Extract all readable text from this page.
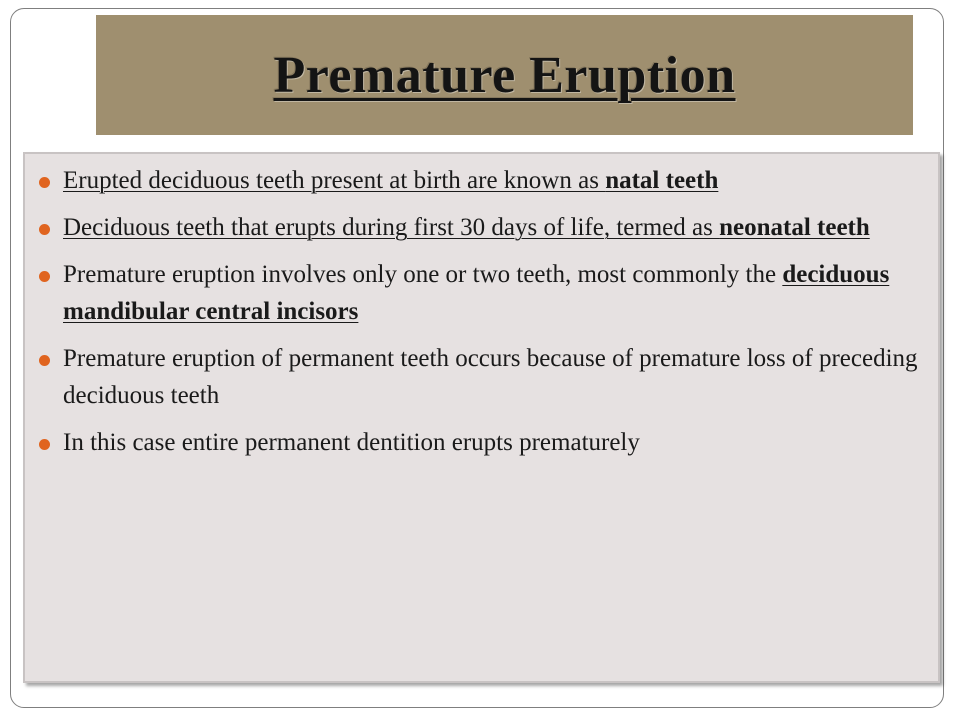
Premature Eruption
Erupted deciduous teeth present at birth are known as natal teeth
Deciduous teeth that erupts during first 30 days of life, termed as neonatal teeth
Premature eruption involves only one or two teeth, most commonly the deciduous mandibular central incisors
Premature eruption of permanent teeth occurs because of premature loss of preceding deciduous teeth
In this case entire permanent dentition erupts prematurely
